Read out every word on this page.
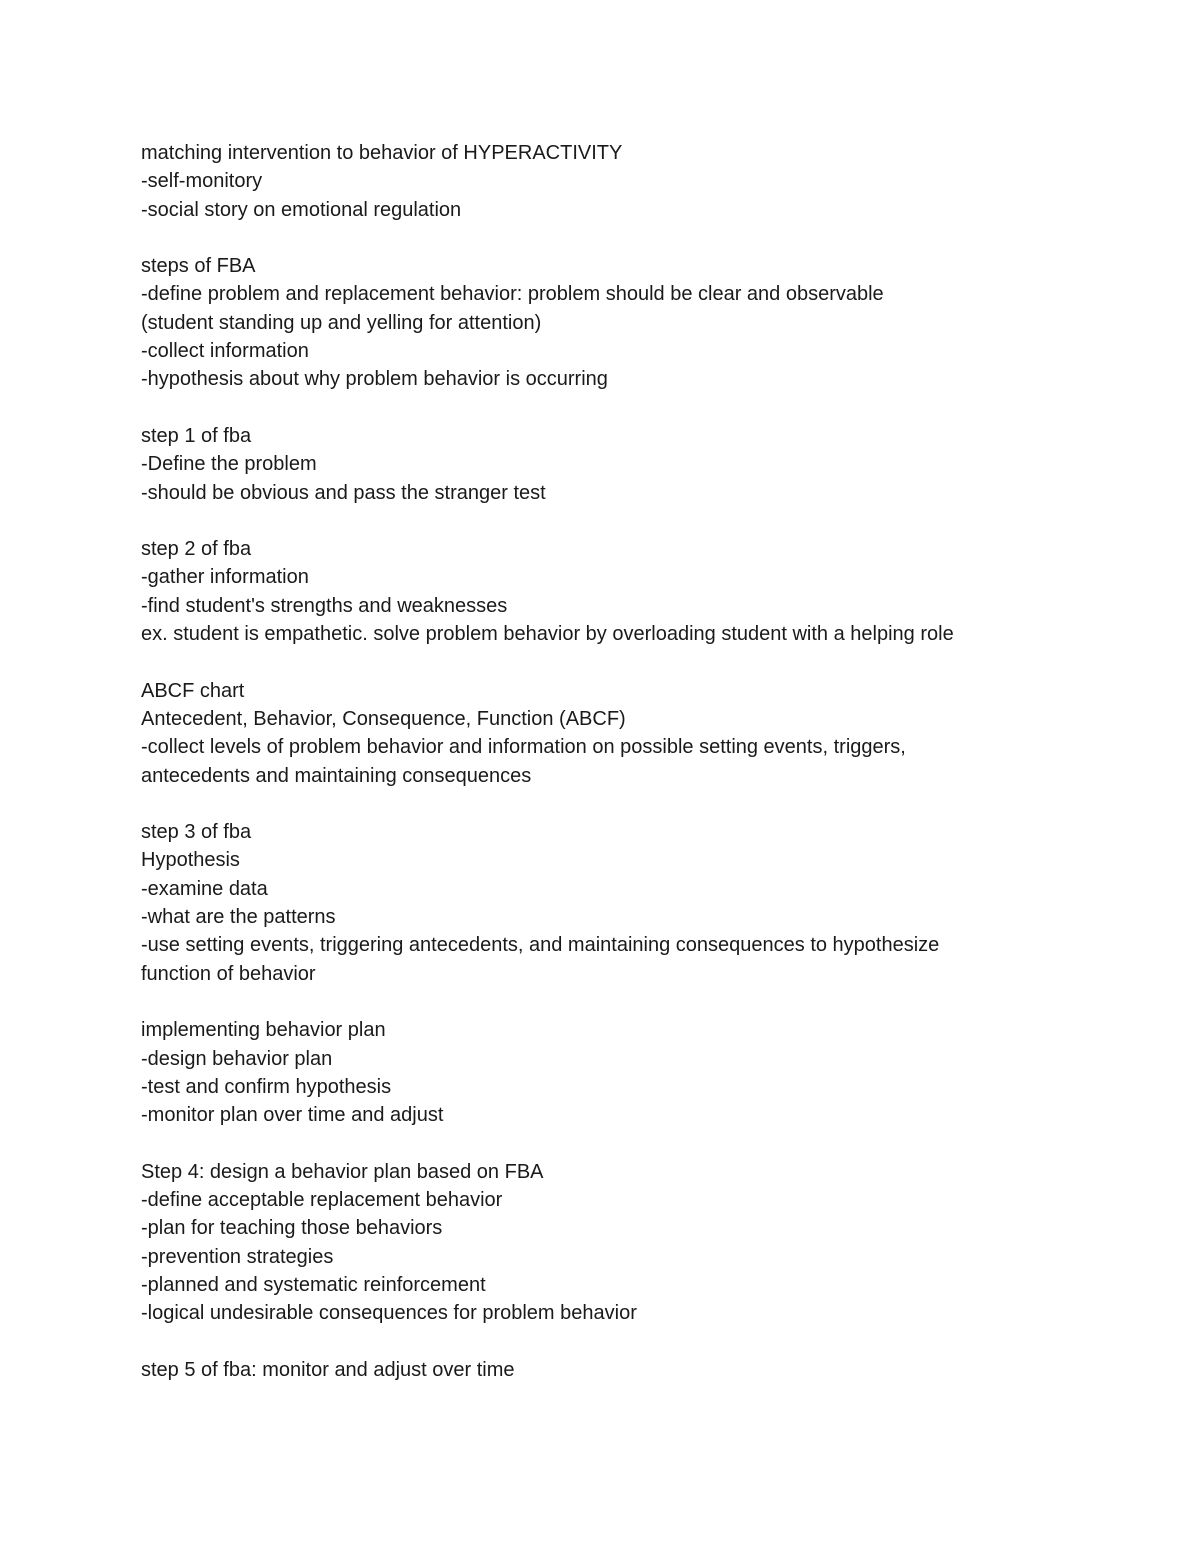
matching intervention to behavior of HYPERACTIVITY
-self-monitory
-social story on emotional regulation
steps of FBA
-define problem and replacement behavior: problem should be clear and observable
(student standing up and yelling for attention)
-collect information
-hypothesis about why problem behavior is occurring
step 1 of fba
-Define the problem
-should be obvious and pass the stranger test
step 2 of fba
-gather information
-find student's strengths and weaknesses
ex. student is empathetic. solve problem behavior by overloading student with a helping role
ABCF chart
Antecedent, Behavior, Consequence, Function (ABCF)
-collect levels of problem behavior and information on possible setting events, triggers,
antecedents and maintaining consequences
step 3 of fba
Hypothesis
-examine data
-what are the patterns
-use setting events, triggering antecedents, and maintaining consequences to hypothesize
function of behavior
implementing behavior plan
-design behavior plan
-test and confirm hypothesis
-monitor plan over time and adjust
Step 4: design a behavior plan based on FBA
-define acceptable replacement behavior
-plan for teaching those behaviors
-prevention strategies
-planned and systematic reinforcement
-logical undesirable consequences for problem behavior
step 5 of fba: monitor and adjust over time
